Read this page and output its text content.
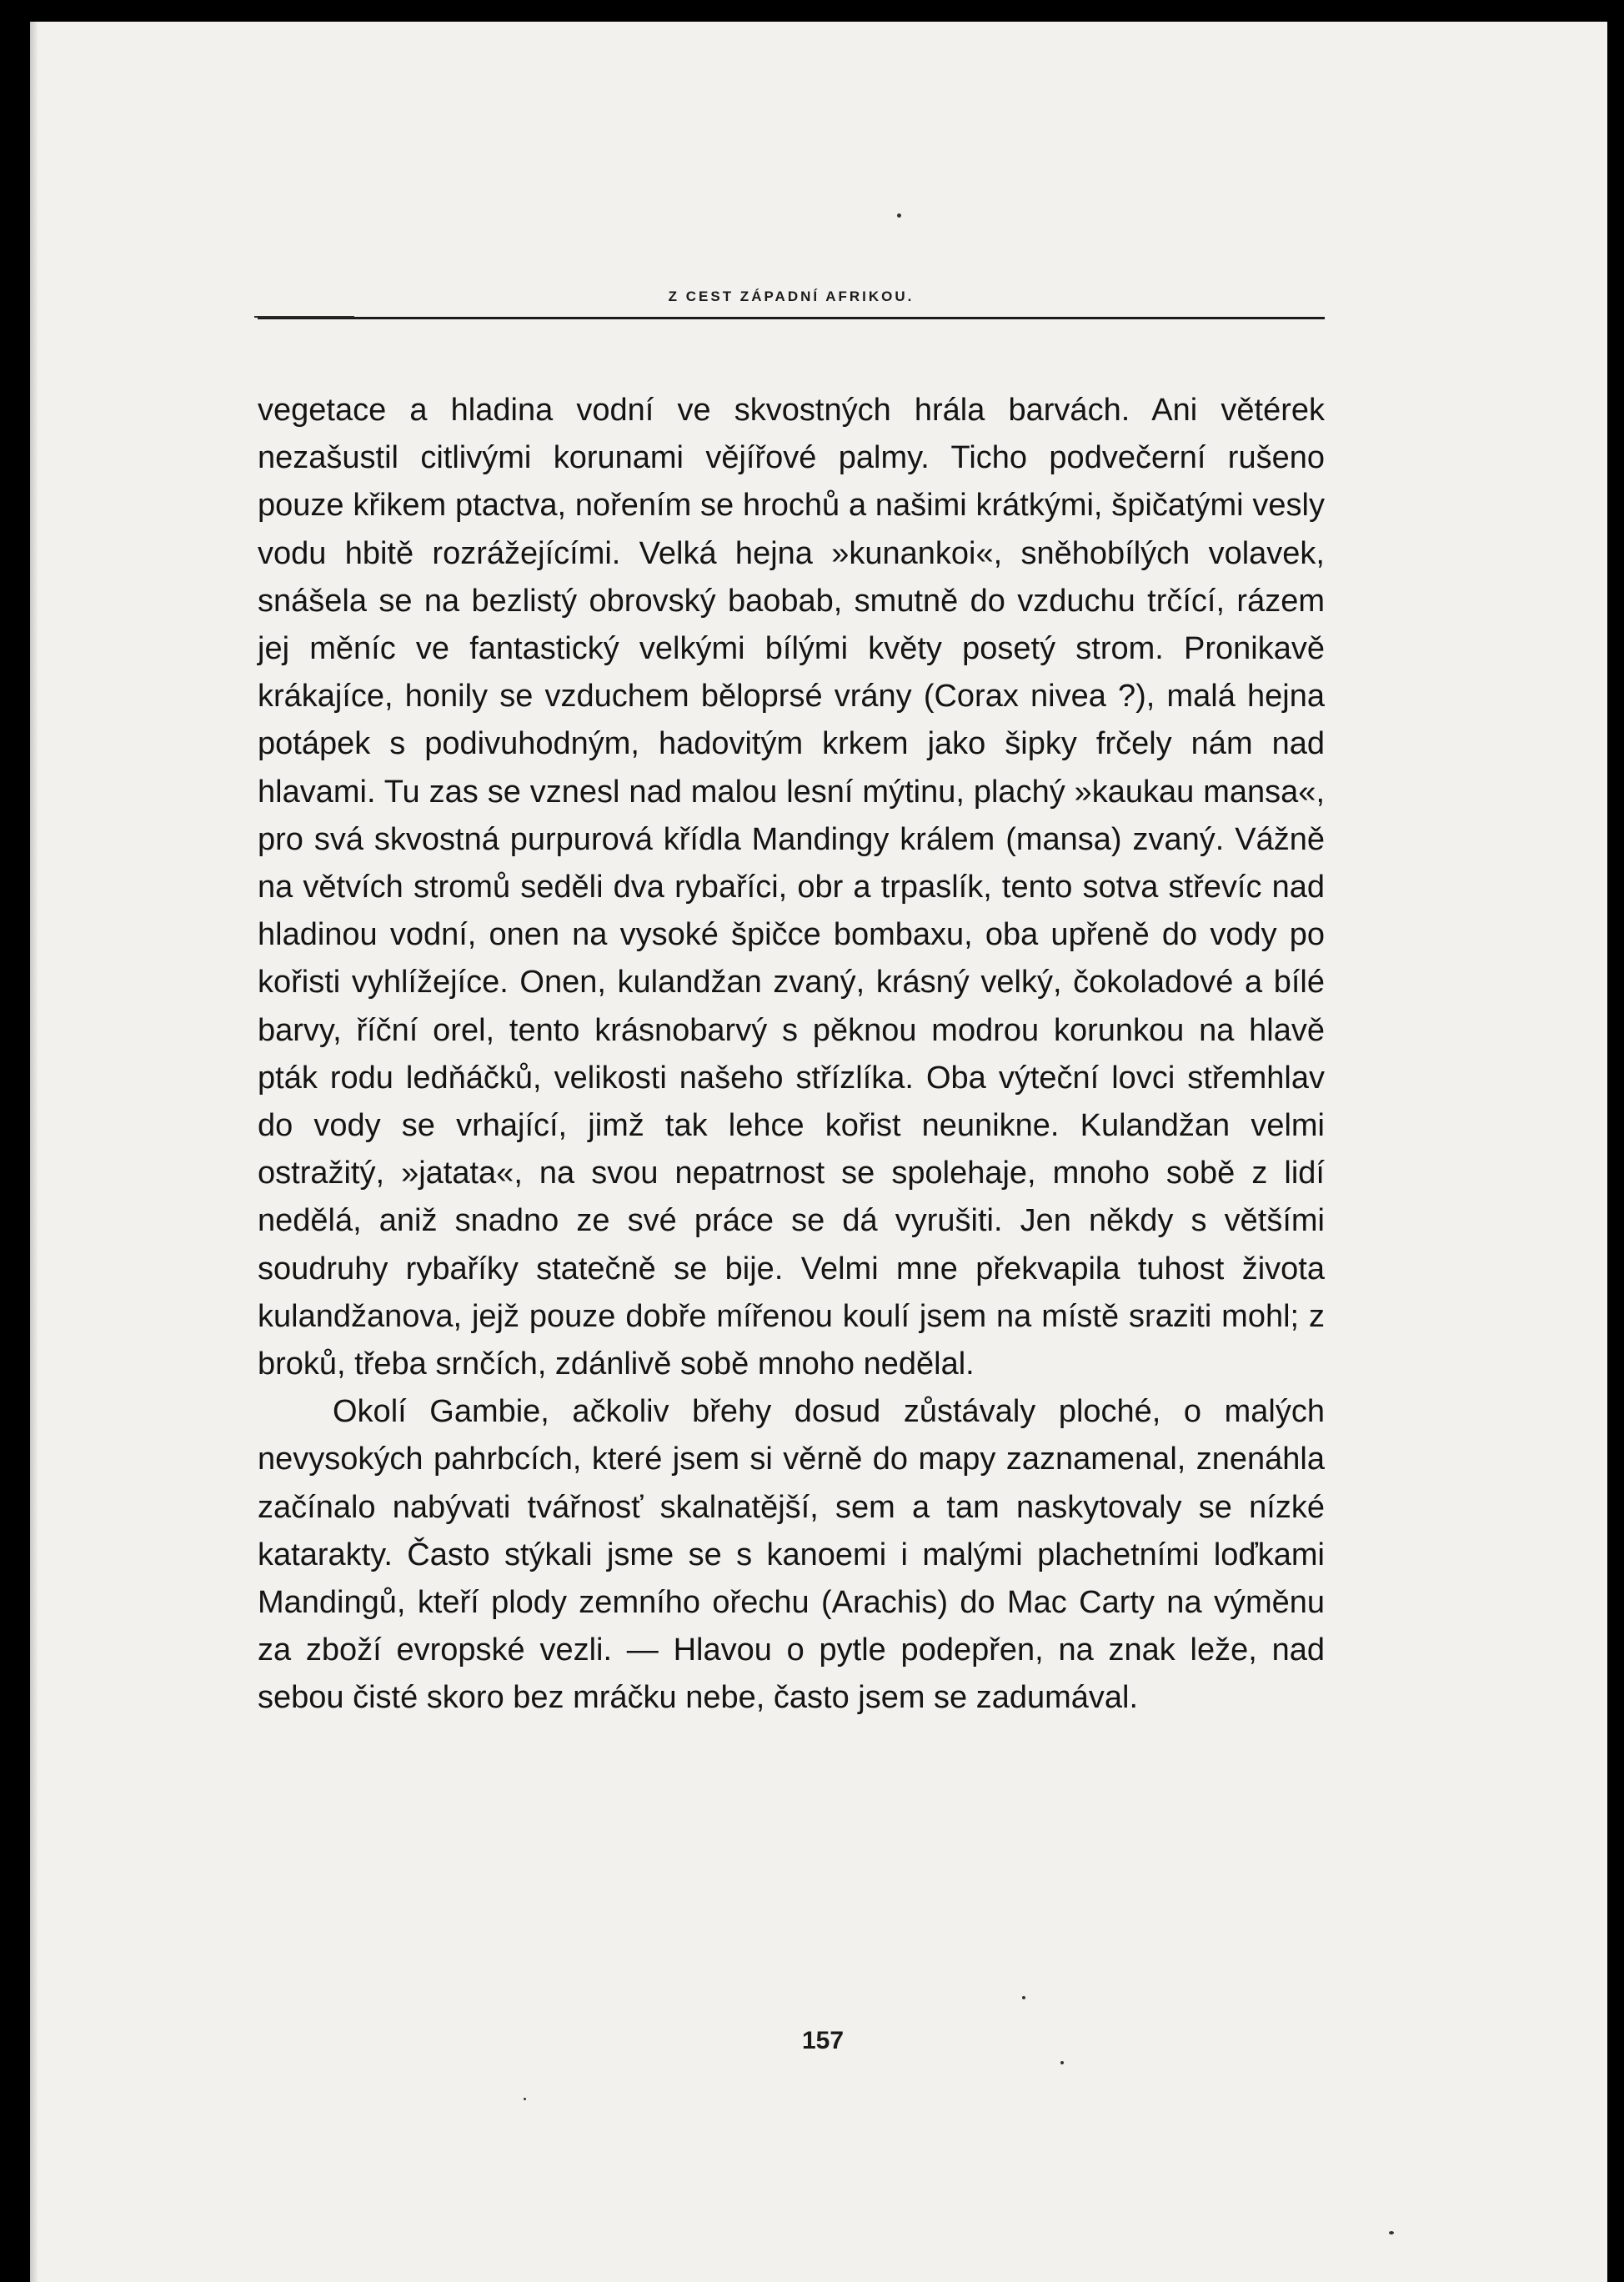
Z CEST ZÁPADNÍ AFRIKOU.

vegetace a hladina vodní ve skvostných hrála barvách. Ani větérek nezašustil citlivými korunami vějířové palmy. Ticho podvečerní rušeno pouze křikem ptactva, nořením se hrochů a našimi krátkými, špičatými vesly vodu hbitě rozrážejícími. Velká hejna »kunankoi«, sněhobílých volavek, snášela se na bezlistý obrovský baobab, smutně do vzduchu trčící, rázem jej měníc ve fantastický velkými bílými květy posetý strom. Pronikavě krákajíce, honily se vzduchem běloprsé vrány (Corax nivea ?), malá hejna potápek s podivuhodným, hadovitým krkem jako šipky frčely nám nad hlavami. Tu zas se vznesl nad malou lesní mýtinu, plachý »kaukau mansa«, pro svá skvostná purpurová křídla Mandingy králem (mansa) zvaný. Vážně na větvích stromů seděli dva rybaříci, obr a trpaslík, tento sotva střevíc nad hladinou vodní, onen na vysoké špičce bombaxu, oba upřeně do vody po kořisti vyhlížejíce. Onen, kulandžan zvaný, krásný velký, čokoladové a bílé barvy, říční orel, tento krásnobarvý s pěknou modrou korunkou na hlavě pták rodu ledňáčků, velikosti našeho střízlíka. Oba výteční lovci střemhlav do vody se vrhající, jimž tak lehce kořist neunikne. Kulandžan velmi ostražitý, »jatata«, na svou nepatrnost se spolehaje, mnoho sobě z lidí nedělá, aniž snadno ze své práce se dá vyrušiti. Jen někdy s většími soudruhy rybaříky statečně se bije. Velmi mne překvapila tuhost života kulandžanova, jejž pouze dobře mířenou koulí jsem na místě sraziti mohl; z broků, třeba srnčích, zdánlivě sobě mnoho nedělal.

Okolí Gambie, ačkoliv břehy dosud zůstávaly ploché, o malých nevysokých pahrbcích, které jsem si věrně do mapy zaznamenal, znenáhla začínalo nabývati tvářnosť skalnatější, sem a tam naskytovaly se nízké katarakty. Často stýkali jsme se s kanoemi i malými plachetními loďkami Mandingů, kteří plody zemního ořechu (Arachis) do Mac Carty na výměnu za zboží evropské vezli. — Hlavou o pytle podepřen, na znak leže, nad sebou čisté skoro bez mráčku nebe, často jsem se zadumával.

157
